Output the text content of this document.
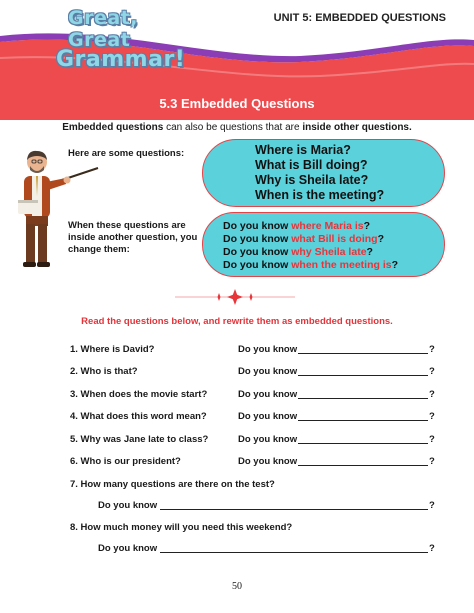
Great, Great
Grammar!
UNIT 5: EMBEDDED QUESTIONS
5.3 Embedded Questions
Embedded questions can also be questions that are inside other questions.
Here are some questions:
When these questions are inside another question, you change them:
Where is Maria?
What is Bill doing?
Why is Sheila late?
When is the meeting?
Do you know where Maria is?
Do you know what Bill is doing?
Do you know why Sheila late?
Do you know when the meeting is?
Read the questions below, and rewrite them as embedded questions.
1. Where is David?	Do you know	?
2. Who is that?	Do you know	?
3. When does the movie start?	Do you know	?
4. What does this word mean?	Do you know	?
5. Why was Jane late to class?	Do you know	?
6. Who is our president?	Do you know	?
7. How many questions are there on the test?
Do you know	?
8. How much money will you need this weekend?
Do you know	?
50
